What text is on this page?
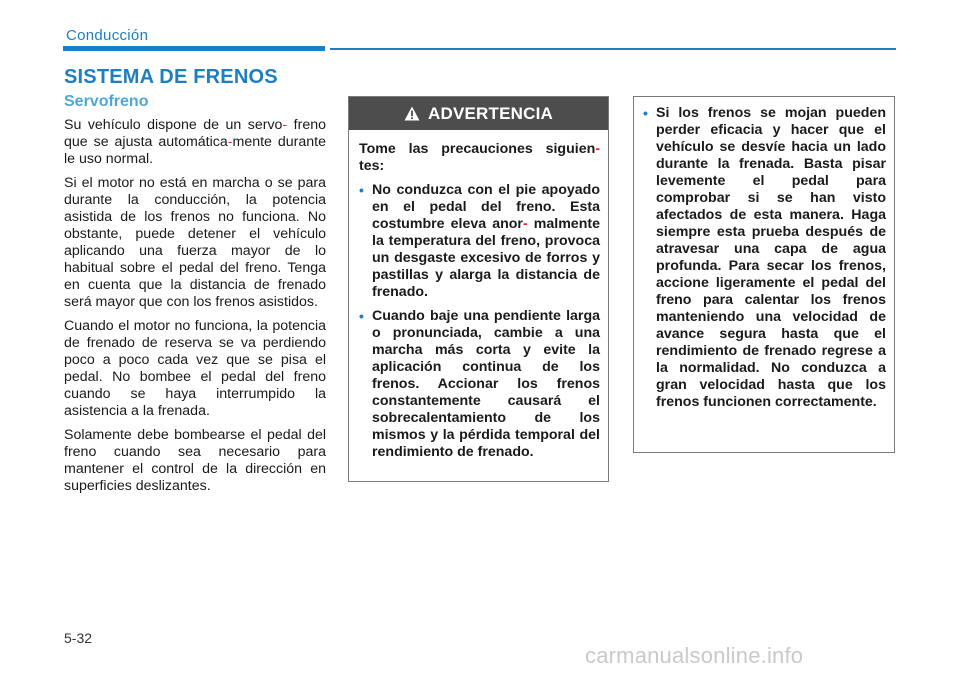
Conducción
SISTEMA DE FRENOS
Servofreno

Su vehículo dispone de un servo- freno que se ajusta automática-mente durante le uso normal.

Si el motor no está en marcha o se para durante la conducción, la potencia asistida de los frenos no funciona. No obstante, puede detener el vehículo aplicando una fuerza mayor de lo habitual sobre el pedal del freno. Tenga en cuenta que la distancia de frenado será mayor que con los frenos asistidos.

Cuando el motor no funciona, la potencia de frenado de reserva se va perdiendo poco a poco cada vez que se pisa el pedal. No bombee el pedal del freno cuando se haya interrumpido la asistencia a la frenada.

Solamente debe bombearse el pedal del freno cuando sea necesario para mantener el control de la dirección en superficies deslizantes.

ADVERTENCIA

Tome las precauciones siguien- tes:

• No conduzca con el pie apoyado en el pedal del freno. Esta costumbre eleva anor- malmente la temperatura del freno, provoca un desgaste excesivo de forros y pastillas y alarga la distancia de frenado.
• Cuando baje una pendiente larga o pronunciada, cambie a una marcha más corta y evite la aplicación continua de los frenos. Accionar los frenos constantemente causará el sobrecalentamiento de los mismos y la pérdida temporal del rendimiento de frenado.
• Si los frenos se mojan pueden perder eficacia y hacer que el vehículo se desvíe hacia un lado durante la frenada. Basta pisar levemente el pedal para comprobar si se han visto afectados de esta manera. Haga siempre esta prueba después de atravesar una capa de agua profunda. Para secar los frenos, accione ligeramente el pedal del freno para calentar los frenos manteniendo una velocidad de avance segura hasta que el rendimiento de frenado regrese a la normalidad. No conduzca a gran velocidad hasta que los frenos funcionen correctamente.
5-32
carmanualsonline.info
